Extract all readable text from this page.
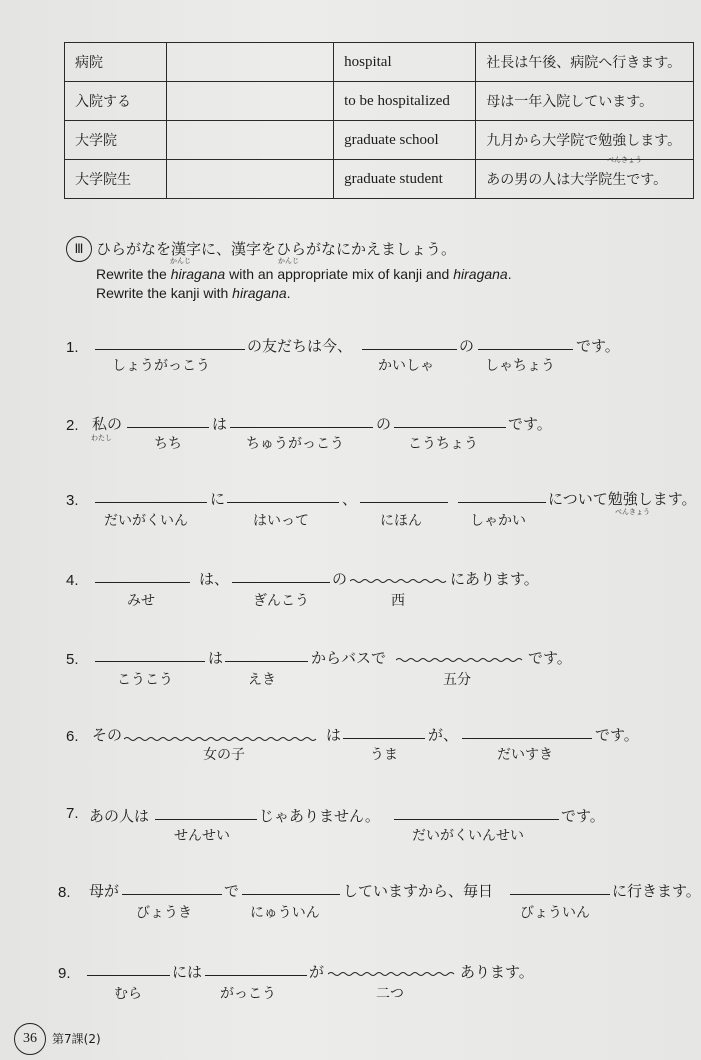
病院		hospital	社長は午後、病院へ行きます。
入院する		to be hospitalized	母は一年入院しています。
大学院		graduate school	九月から大学院で勉強します。
大学院生		graduate student	あの男の人は大学院生です。
べんきょう
Ⅲ ひらがなを漢字に、漢字をひらがなにかえましょう。
かんじ	かんじ
Rewrite the hiragana with an appropriate mix of kanji and hiragana.
Rewrite the kanji with hiragana.
1.	の友だちは今、	の	です。
しょうがっこう	かいしゃ	しゃちょう
2. 私の
わたし
は	の	です。
ちち	ちゅうがっこう	こうちょう
3.	に	、	について勉強します。
べんきょう
だいがくいん	はいって	にほん	しゃかい
4.	は、	の	にあります。
みせ	ぎんこう	西
5.	は	からバスで	です。
こうこう	えき	五分
6. その	は	が、	です。
女の子	うま	だいすき
7. あの人は	じゃありません。	です。
せんせい	だいがくいんせい
8. 母が	で	していますから、毎日	に行きます。
びょうき	にゅういん	びょういん
9.	には	が	あります。
むら	がっこう	二つ
36	第7課(2)
